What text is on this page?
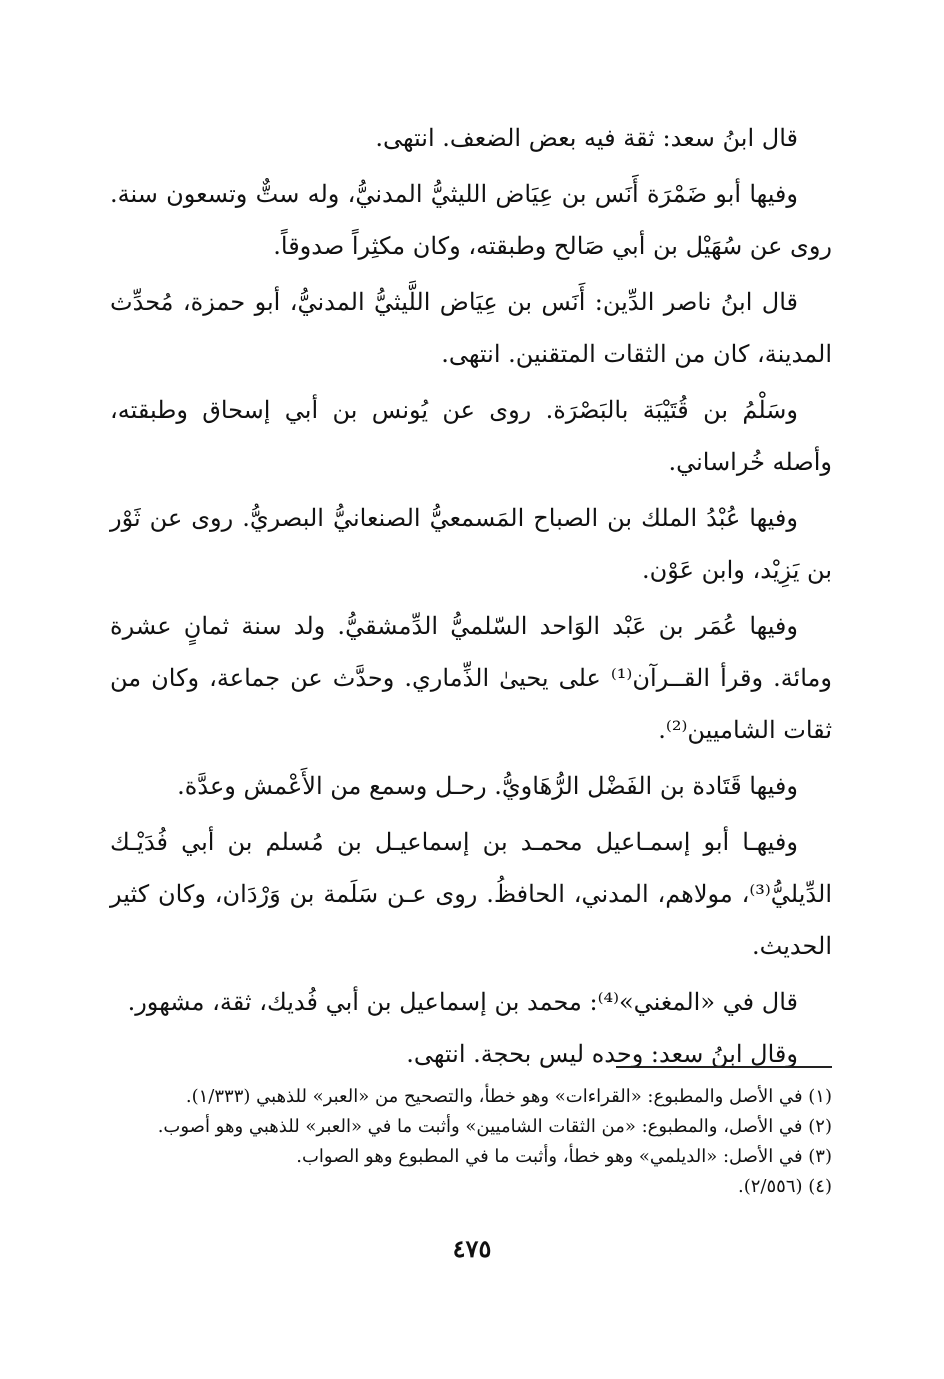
قال ابنُ سعد: ثقة فيه بعض الضعف. انتهى.

وفيها أبو ضَمْرَة أَنَس بن عِيَاض الليثيُّ المدنيُّ، وله ستٌّ وتسعون سنة. روى عن سُهَيْل بن أبي صَالح وطبقته، وكان مكثِراً صدوقاً.

قال ابنُ ناصر الدِّين: أَنَس بن عِيَاض اللَّيثيُّ المدنيُّ، أبو حمزة، مُحدِّث المدينة، كان من الثقات المتقنين. انتهى.

وسَلْمُ بن قُتَيْبَة بالبَصْرَة. روى عن يُونس بن أبي إسحاق وطبقته، وأصله خُراساني.

وفيها عُبْدُ الملك بن الصباح المَسمعيُّ الصنعانيُّ البصريُّ. روى عن ثَوْر بن يَزِيْد، وابن عَوْن.

وفيها عُمَر بن عَبْد الوَاحد السّلميُّ الدِّمشقيُّ. ولد سنة ثمانٍ عشرة ومائة. وقرأ القــرآن⁽¹⁾ على يحيىٰ الذِّماري. وحدَّث عن جماعة، وكان من ثقات الشاميين⁽²⁾.

وفيها قَتَادة بن الفَضْل الرُّهَاويُّ. رحـل وسمع من الأَعْمش وعدَّة.

وفيهـا أبو إسمـاعيل محمـد بن إسماعيـل بن مُسلم بن أبي فُدَيْـك الدِّيليُّ⁽³⁾، مولاهم، المدني، الحافظُ. روى عـن سَلَمة بن وَرْدَان، وكان كثير الحديث.

قال في «المغني»⁽⁴⁾: محمد بن إسماعيل بن أبي فُديك، ثقة، مشهور.

وقال ابنُ سعد: وحده ليس بحجة. انتهى.

(١) في الأصل والمطبوع: «القراءات» وهو خطأ، والتصحيح من «العبر» للذهبي (١/٣٣٣).

(٢) في الأصل، والمطبوع: «من الثقات الشاميين» وأثبت ما في «العبر» للذهبي وهو أصوب.

(٣) في الأصل: «الديلمي» وهو خطأ، وأثبت ما في المطبوع وهو الصواب.

(٤) (٢/٥٥٦).

٤٧٥
